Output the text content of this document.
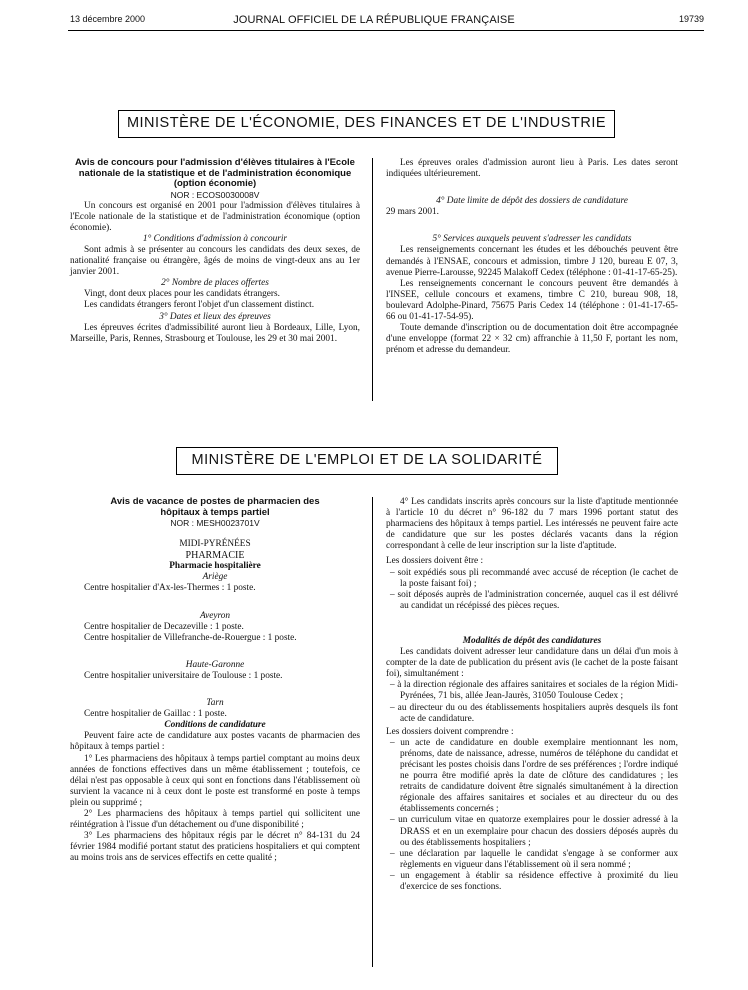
13 décembre 2000	JOURNAL OFFICIEL DE LA RÉPUBLIQUE FRANÇAISE	19739
MINISTÈRE DE L'ÉCONOMIE, DES FINANCES ET DE L'INDUSTRIE

Avis de concours pour l'admission d'élèves titulaires à l'Ecole nationale de la statistique et de l'administration économique (option économie)

NOR : ECOS0030008V

Un concours est organisé en 2001 pour l'admission d'élèves titulaires à l'Ecole nationale de la statistique et de l'administration économique (option économie).

1° Conditions d'admission à concourir

Sont admis à se présenter au concours les candidats des deux sexes, de nationalité française ou étrangère, âgés de moins de vingt-deux ans au 1er janvier 2001.

2° Nombre de places offertes

Vingt, dont deux places pour les candidats étrangers.

Les candidats étrangers feront l'objet d'un classement distinct.

3° Dates et lieux des épreuves

Les épreuves écrites d'admissibilité auront lieu à Bordeaux, Lille, Lyon, Marseille, Paris, Rennes, Strasbourg et Toulouse, les 29 et 30 mai 2001.

Les épreuves orales d'admission auront lieu à Paris. Les dates seront indiquées ultérieurement.

4° Date limite de dépôt des dossiers de candidature

29 mars 2001.

5° Services auxquels peuvent s'adresser les candidats

Les renseignements concernant les études et les débouchés peuvent être demandés à l'ENSAE, concours et admission, timbre J 120, bureau E 07, 3, avenue Pierre-Larousse, 92245 Malakoff Cedex (téléphone : 01-41-17-65-25).

Les renseignements concernant le concours peuvent être demandés à l'INSEE, cellule concours et examens, timbre C 210, bureau 908, 18, boulevard Adolphe-Pinard, 75675 Paris Cedex 14 (téléphone : 01-41-17-65-66 ou 01-41-17-54-95).

Toute demande d'inscription ou de documentation doit être accompagnée d'une enveloppe (format 22 × 32 cm) affranchie à 11,50 F, portant les nom, prénom et adresse du demandeur.

MINISTÈRE DE L'EMPLOI ET DE LA SOLIDARITÉ

Avis de vacance de postes de pharmacien des hôpitaux à temps partiel

NOR : MESH0023701V

MIDI-PYRÉNÉES

PHARMACIE

Pharmacie hospitalière

Ariège

Centre hospitalier d'Ax-les-Thermes : 1 poste.

Aveyron

Centre hospitalier de Decazeville : 1 poste.

Centre hospitalier de Villefranche-de-Rouergue : 1 poste.

Haute-Garonne

Centre hospitalier universitaire de Toulouse : 1 poste.

Tarn

Centre hospitalier de Gaillac : 1 poste.

Conditions de candidature

Peuvent faire acte de candidature aux postes vacants de pharmacien des hôpitaux à temps partiel :

1° Les pharmaciens des hôpitaux à temps partiel comptant au moins deux années de fonctions effectives dans un même établissement ; toutefois, ce délai n'est pas opposable à ceux qui sont en fonctions dans l'établissement où survient la vacance ni à ceux dont le poste est transformé en poste à temps plein ou supprimé ;

2° Les pharmaciens des hôpitaux à temps partiel qui sollicitent une réintégration à l'issue d'un détachement ou d'une disponibilité ;

3° Les pharmaciens des hôpitaux régis par le décret n° 84-131 du 24 février 1984 modifié portant statut des praticiens hospitaliers et qui comptent au moins trois ans de services effectifs en cette qualité ;

4° Les candidats inscrits après concours sur la liste d'aptitude mentionnée à l'article 10 du décret n° 96-182 du 7 mars 1996 portant statut des pharmaciens des hôpitaux à temps partiel. Les intéressés ne peuvent faire acte de candidature que sur les postes déclarés vacants dans la région correspondant à celle de leur inscription sur la liste d'aptitude.

Les dossiers doivent être :

– soit expédiés sous pli recommandé avec accusé de réception (le cachet de la poste faisant foi) ;

– soit déposés auprès de l'administration concernée, auquel cas il est délivré au candidat un récépissé des pièces reçues.

Modalités de dépôt des candidatures

Les candidats doivent adresser leur candidature dans un délai d'un mois à compter de la date de publication du présent avis (le cachet de la poste faisant foi), simultanément :

– à la direction régionale des affaires sanitaires et sociales de la région Midi-Pyrénées, 71 bis, allée Jean-Jaurès, 31050 Toulouse Cedex ;

– au directeur du ou des établissements hospitaliers auprès desquels ils font acte de candidature.

Les dossiers doivent comprendre :

– un acte de candidature en double exemplaire mentionnant les nom, prénoms, date de naissance, adresse, numéros de téléphone du candidat et précisant les postes choisis dans l'ordre de ses préférences ; l'ordre indiqué ne pourra être modifié après la date de clôture des candidatures ; les retraits de candidature doivent être signalés simultanément à la direction régionale des affaires sanitaires et sociales et au directeur du ou des établissements concernés ;

– un curriculum vitae en quatorze exemplaires pour le dossier adressé à la DRASS et en un exemplaire pour chacun des dossiers déposés auprès du ou des établissements hospitaliers ;

– une déclaration par laquelle le candidat s'engage à se conformer aux règlements en vigueur dans l'établissement où il sera nommé ;

– un engagement à établir sa résidence effective à proximité du lieu d'exercice de ses fonctions.
